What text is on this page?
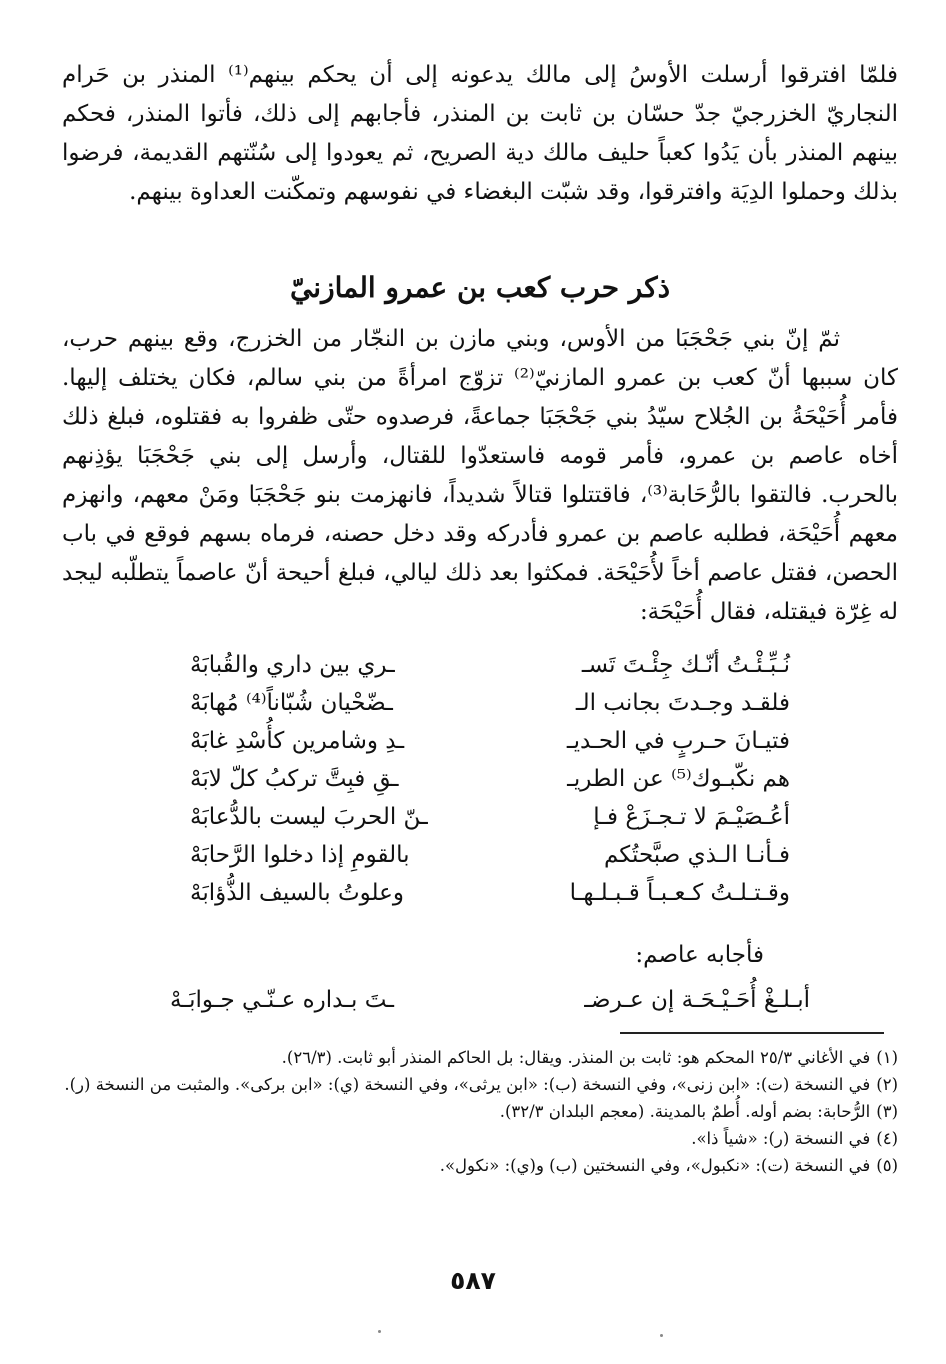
فلمّا افترقوا أرسلت الأوسُ إلى مالك يدعونه إلى أن يحكم بينهم⁽¹⁾ المنذر بن حَرام النجاريّ الخزرجيّ جدّ حسّان بن ثابت بن المنذر، فأجابهم إلى ذلك، فأتوا المنذر، فحكم بينهم المنذر بأن يَدُوا كعباً حليف مالك دية الصريح، ثم يعودوا إلى سُنّتهم القديمة، فرضوا بذلك وحملوا الدِيَة وافترقوا، وقد شبّت البغضاء في نفوسهم وتمكّنت العداوة بينهم.
ذكر حرب كعب بن عمرو المازنيّ

ثمّ إنّ بني جَحْجَبَا من الأوس، وبني مازن بن النجّار من الخزرج، وقع بينهم حرب، كان سببها أنّ كعب بن عمرو المازنيّ⁽²⁾ تزوّج امرأةً من بني سالم، فكان يختلف إليها. فأمر أُحَيْحَةُ بن الجُلاح سيّدُ بني جَحْجَبَا جماعةً، فرصدوه حتّى ظفروا به فقتلوه، فبلغ ذلك أخاه عاصم بن عمرو، فأمر قومه فاستعدّوا للقتال، وأرسل إلى بني جَحْجَبَا يؤذِنهم بالحرب. فالتقوا بالرُّحَابة⁽³⁾، فاقتتلوا قتالاً شديداً، فانهزمت بنو جَحْجَبَا ومَنْ معهم، وانهزم معهم أُحَيْحَة، فطلبه عاصم بن عمرو فأدركه وقد دخل حصنه، فرماه بسهم فوقع في باب الحصن، فقتل عاصم أخاً لأُحَيْحَة. فمكثوا بعد ذلك ليالي، فبلغ أحيحة أنّ عاصماً يتطلّبه ليجد له غِرّة فيقتله، فقال أُحَيْحَة:

نُـبِّـئْـتُ أنّـك جِئْـتَ تَسـ
ـري بين داري والقُبابَهْ
فلقـد وجـدتَ بجانب الـ
ـضّحْيان شُبّاناً⁽⁴⁾ مُهابَهْ
فتيـانَ حـربٍ في الحـديـ
ـدِ وشامرين كأُسْدِ غابَهْ
هم نكّبـوك⁽⁵⁾ عن الطريـ
ـقِ فبِتَّ تركبُ كلّ لابَهْ
أعُـصَيْـمَ لا تـجـزَعْ فـإ
ـنّ الحربَ ليست بالدُّعابَهْ
فـأنـا الـذي صبَّحتُكم
بالقومِ إذا دخلوا الرَّحابَهْ
وقـتـلـتُ كـعـبـاً قـبـلـهـا
وعلوتُ بالسيف الذُّؤابَهْ
فأجابه عاصم:
أبـلـغْ أُحَـيْـحَـة إن عـرضـ
ـتَ بـداره عـنّـي جـوابَـهْ

(١)في الأغاني ٢٥/٣ المحكم هو: ثابت بن المنذر. ويقال: بل الحاكم المنذر أبو ثابت. (٢٦/٣).

(٢)في النسخة (ت): «ابن زنى»، وفي النسخة (ب): «ابن يرثى»، وفي النسخة (ي): «ابن بركى». والمثبت من النسخة (ر).

(٣)الرُّحابة: بضم أوله. أُطمٌ بالمدينة. (معجم البلدان ٣٢/٣).

(٤)في النسخة (ر): «شياً ذا».

(٥)في النسخة (ت): «نكبول»، وفي النسختين (ب) و(ي): «نكول».

٥٨٧
